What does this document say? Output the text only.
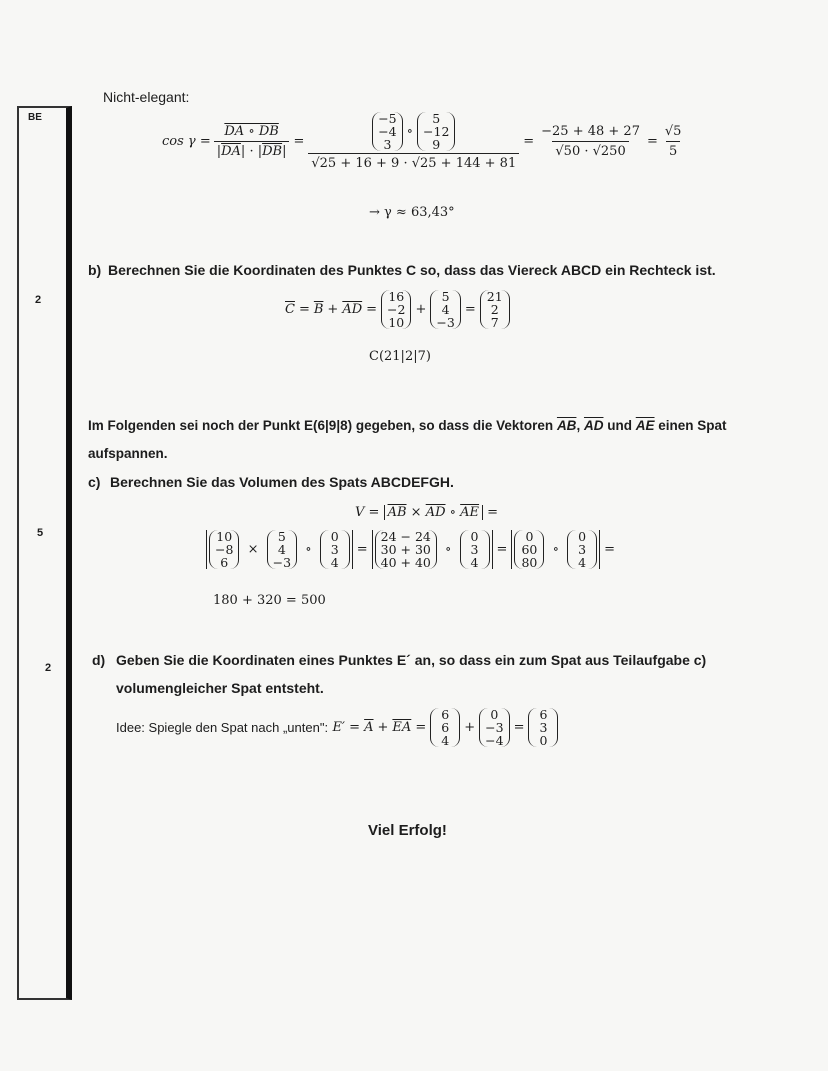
BE
2
5
2
Nicht-elegant:
$\cos \gamma = \frac{DA \circ DB}{|\overline{DA}| \cdot |\overline{DB}|} = -5$
−4
3
∘
5
−12
9
$√25 + 16 + 9 \cdot √25 + 144 + 81 = \frac{-25 + 48 + 27}{√50 \cdot √250} = \frac{√5}{5}$
→ γ ≈ 63,43°
b) Berechnen Sie die Koordinaten des Punktes C so, dass das Viereck ABCD ein Rechteck ist.
$\overline{C} = \overline{B} + \overline{AD}$ =
16
−2
10
+
5
4
−3
=
21
2
7
C(21|2|7)
Im Folgenden sei noch der Punkt E(6|9|8) gegeben, so dass die Vektoren
$\overline{AB}$ ,
$\overline{AD}$
und
$\overline{AE}$
einen Spat
aufspannen.
c) Berechnen Sie das Volumen des Spats ABCDEFGH.
V =
$\overline{AB} \times \overline{AD}$ ∘ $\overline{AE}$ =
10
−8
6
×
5
4
−3
∘
0
3
4
=
24 − 24
30 + 30
40 + 40
∘
0
3
4
=
0
60
80
∘
0
3
4
=
180 + 320 = 500
d) Geben Sie die Koordinaten eines Punktes E´ an, so dass ein zum Spat aus Teilaufgabe c)
volumengleicher Spat entsteht.
Idee: Spiegle den Spat nach „unten":
E′ =
$\overline{A} + \overline{EA}$ =
6
6
4
+
0
−3
−4
=
6
3
0
Viel Erfolg!
